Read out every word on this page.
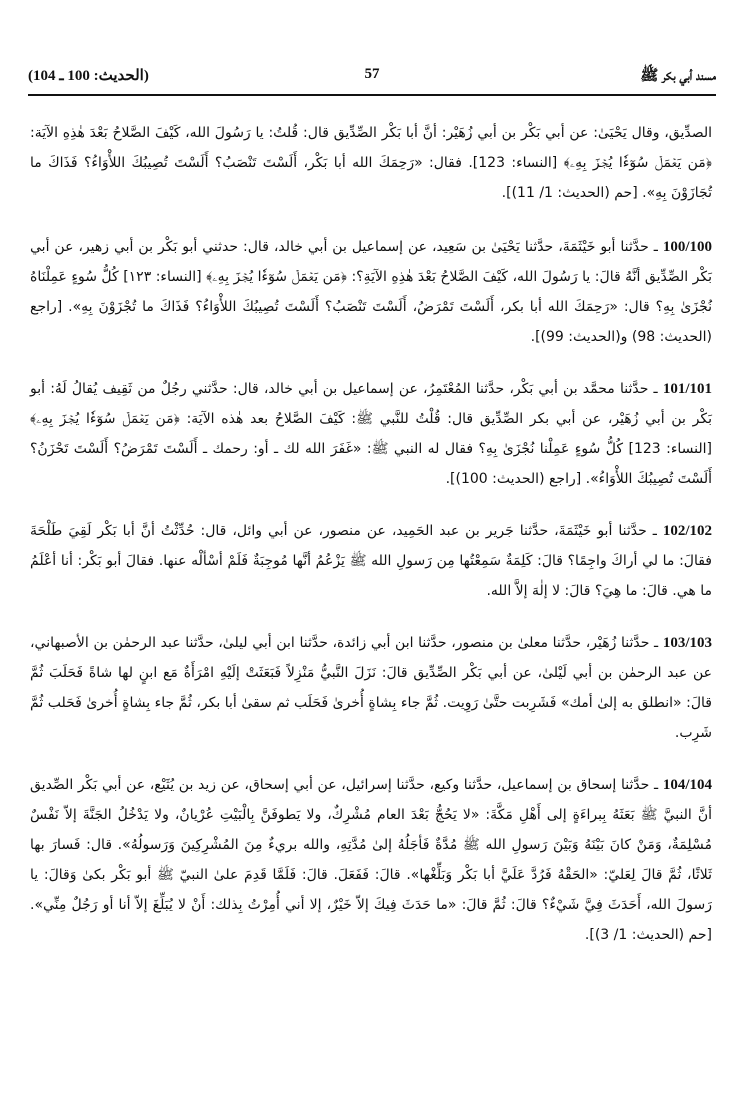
مسند أبي بكر ﷺ
57
(الحديث: 100 ـ 104)

الصدِّيق، وقال يَحْيَىٰ: عن أبي بَكْر بن أبي زُهَيْر: أنَّ أبا بَكْر الصِّدِّيق قال: قُلتُ: يا رَسُولَ الله، كَيْفَ الصَّلاحُ بَعْدَ هٰذِهِ الآيَة: ﴿مَن يَعۡمَلۡ سُوٓءٗا يُجۡزَ بِهِۦ﴾ [النساء: 123]. فقال: «رَحِمَكَ الله أبا بَكْر، أَلَسْتَ تَنْصَبُ؟ أَلَسْتَ تُصِيبُكَ اللأْوَاءُ؟ فَذَاكَ ما تُجَازَوْنَ بِهِ». [حم (الحديث: 1/ 11)].

100/100 ـ حدَّثنا أبو خَيْثَمَةَ، حدَّثنا يَحْيَىٰ بن سَعِيد، عن إسماعيل بن أبي خالد، قال: حدثني أبو بَكْر بن أبي زهير، عن أبي بَكْر الصِّدِّيق أنَّهُ قالَ: يا رَسُولَ الله، كَيْفَ الصَّلاحُ بَعْدَ هٰذِهِ الآيَةِ؟: ﴿مَن يَعۡمَلۡ سُوٓءٗا يُجۡزَ بِهِۦ﴾ [النساء: ١٢٣] كُلُّ سُوءٍ عَمِلْنَاهُ نُجْزَىٰ بِهِ؟ قال: «رَحِمَكَ الله أبا بكر، أَلَسْتَ تَمْرَضُ، أَلَسْتَ تَنْصَبُ؟ أَلَسْتَ تُصِيبُكَ اللأْوَاءُ؟ فَذَاكَ ما تُجْزَوْنَ بِهِ». [راجع (الحديث: 98) و(الحديث: 99)].

101/101 ـ حدَّثنا محمَّد بن أبي بَكْر، حدَّثنا المُعْتَمِرُ، عن إسماعيل بن أبي خالد، قال: حدَّثني رجُلٌ من ثَقِيف يُقالُ لَهُ: أبو بَكْر بن أبي زُهَيْر، عن أبي بكر الصِّدِّيق قال: قُلْتُ للنَّبي ﷺ: كَيْفَ الصَّلاحُ بعد هٰذه الآيَة: ﴿مَن يَعۡمَلۡ سُوٓءٗا يُجۡزَ بِهِۦ﴾ [النساء: 123] كُلُّ سُوءٍ عَمِلْنا نُجْزَىٰ بِهِ؟ فقال له النبي ﷺ: «غَفَرَ الله لك ـ أو: رحمك ـ أَلَسْتَ تَمْرَضُ؟ أَلَسْتَ تَحْزَنُ؟ أَلَسْتَ تُصِيبُكَ اللأْوَاءُ». [راجع (الحديث: 100)].

102/102 ـ حدَّثنا أبو خَيْثَمَةَ، حدَّثنا جَرير بن عبد الحَمِيد، عن منصور، عن أبي وائل، قال: حُدِّثْتُ أنَّ أبا بَكْر لَقِيَ طَلْحَةَ فقالَ: ما لي أراكَ واجِمًا؟ قالَ: كَلِمَةٌ سَمِعْتُها مِن رَسولِ الله ﷺ يَزْعُمُ أنَّها مُوجِبَةٌ فَلَمْ أسْألْه عنها. فقالَ أبو بَكْر: أنا أعْلَمُ ما هي. قالَ: ما هِيَ؟ قالَ: لا إلٰهَ إلاَّ الله.

103/103 ـ حدَّثنا زُهَيْر، حدَّثنا معلىٰ بن منصور، حدَّثنا ابن أبي زائدة، حدَّثنا ابن أبي ليلىٰ، حدَّثنا عبد الرحمٰن بن الأصبهاني، عن عبد الرحمٰن بن أبي لَيْلىٰ، عن أبي بَكْر الصِّدِّيق قالَ: نَزَلَ النَّبيُّ مَنْزِلاً فَبَعَثَتْ إلَيْهِ امْرَأَةٌ مَع ابنٍ لها شاةً فَحَلَبَ ثُمَّ قالَ: «انطلق به إلىٰ أمك» فَشَرِبت حتَّىٰ رَوِيت. ثُمَّ جاء بِشاةٍ أُخرىٰ فَحَلَب ثم سقىٰ أبا بكر، ثُمَّ جاء بِشاةٍ أُخرىٰ فَحَلب ثُمَّ شَرِب.

104/104 ـ حدَّثنا إسحاق بن إسماعيل، حدَّثنا وكيع، حدَّثنا إسرائيل، عن أبي إسحاق، عن زيد بن يُثَيْع، عن أبي بَكْر الصِّديق أنَّ النبيَّ ﷺ بَعَثَهُ بِبراءَةٍ إلى أَهْلِ مَكَّةَ: «لا يَحُجُّ بَعْدَ العام مُشْرِكٌ، ولا يَطوفَنَّ بِالْبَيْتِ عُرْيانٌ، ولا يَدْخُلُ الجَنَّةَ إلاّ نَفْسٌ مُسْلِمَةٌ، وَمَنْ كانَ بَيْنَهُ وَبَيْنَ رَسولِ الله ﷺ مُدَّةٌ فَأجَلُهُ إلىٰ مُدَّتِهِ، والله بريءٌ مِنَ المُشْرِكِينَ وَرَسولُهُ». قال: فَسارَ بها ثَلاثًا، ثُمَّ قالَ لِعَليّ: «الحَقْهُ فَرُدَّ عَلَيَّ أبا بَكْر وَبَلِّغْها». قالَ: فَفَعَلَ. قالَ: فَلَمَّا قَدِمَ علىٰ النبيّ ﷺ أبو بَكْر بكىٰ وَقالَ: يا رَسولَ الله، أَحَدَثَ فِيَّ شَيْءٌ؟ قالَ: ثُمَّ قالَ: «ما حَدَثَ فِيكَ إلاّ خَيْرٌ، إلا أني أُمِرْتُ بِذلك: أَنْ لا يُبَلِّغَ إلاّ أنا أو رَجُلٌ مِنِّي». [حم (الحديث: 1/ 3)].
